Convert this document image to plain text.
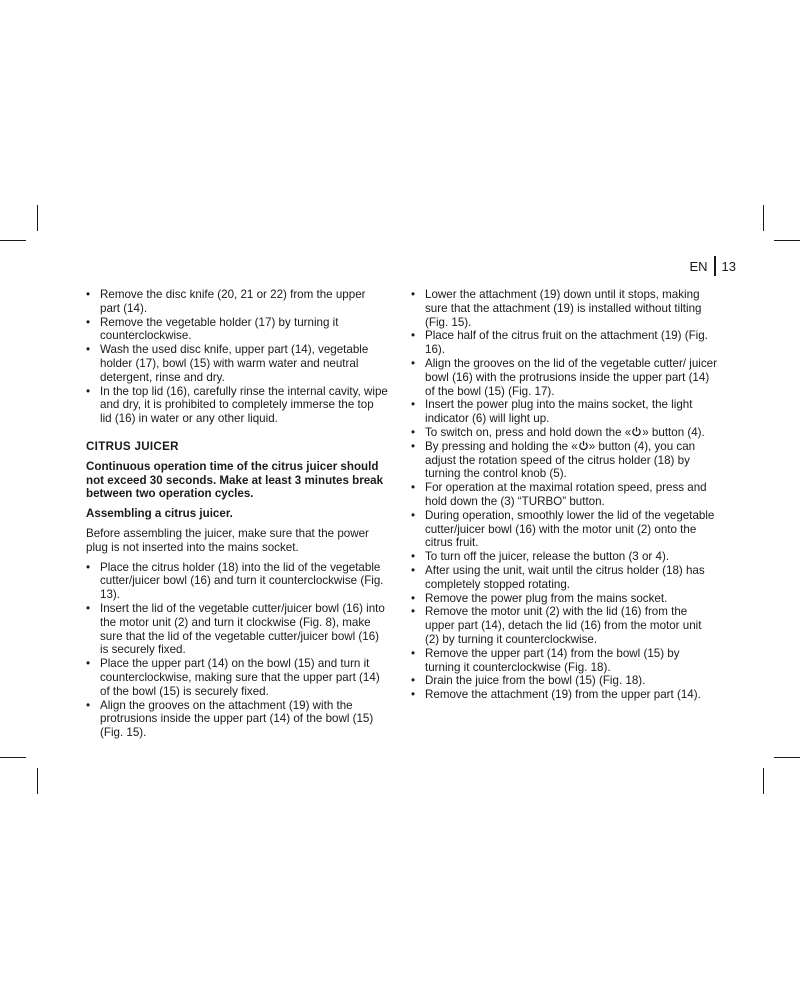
EN 13
• Remove the disc knife (20, 21 or 22) from the upper part (14).
• Remove the vegetable holder (17) by turning it counterclockwise.
• Wash the used disc knife, upper part (14), vegetable holder (17), bowl (15) with warm water and neutral detergent, rinse and dry.
• In the top lid (16), carefully rinse the internal cavity, wipe and dry, it is prohibited to completely immerse the top lid (16) in water or any other liquid.
CITRUS JUICER
Continuous operation time of the citrus juicer should not exceed 30 seconds. Make at least 3 minutes break between two operation cycles.
Assembling a citrus juicer.
Before assembling the juicer, make sure that the power plug is not inserted into the mains socket.
• Place the citrus holder (18) into the lid of the vegetable cutter/juicer bowl (16) and turn it counterclockwise (Fig. 13).
• Insert the lid of the vegetable cutter/juicer bowl (16) into the motor unit (2) and turn it clockwise (Fig. 8), make sure that the lid of the vegetable cutter/juicer bowl (16) is securely fixed.
• Place the upper part (14) on the bowl (15) and turn it counterclockwise, making sure that the upper part (14) of the bowl (15) is securely fixed.
• Align the grooves on the attachment (19) with the protrusions inside the upper part (14) of the bowl (15) (Fig. 15).
• Lower the attachment (19) down until it stops, making sure that the attachment (19) is installed without tilting (Fig. 15).
• Place half of the citrus fruit on the attachment (19) (Fig. 16).
• Align the grooves on the lid of the vegetable cutter/ juicer bowl (16) with the protrusions inside the upper part (14) of the bowl (15) (Fig. 17).
• Insert the power plug into the mains socket, the light indicator (6) will light up.
• To switch on, press and hold down the « » button (4).
• By pressing and holding the « » button (4), you can adjust the rotation speed of the citrus holder (18) by turning the control knob (5).
• For operation at the maximal rotation speed, press and hold down the (3) “TURBO” button.
• During operation, smoothly lower the lid of the vegetable cutter/juicer bowl (16) with the motor unit (2) onto the citrus fruit.
• To turn off the juicer, release the button (3 or 4).
• After using the unit, wait until the citrus holder (18) has completely stopped rotating.
• Remove the power plug from the mains socket.
• Remove the motor unit (2) with the lid (16) from the upper part (14), detach the lid (16) from the motor unit (2) by turning it counterclockwise.
• Remove the upper part (14) from the bowl (15) by turning it counterclockwise (Fig. 18).
• Drain the juice from the bowl (15) (Fig. 18).
• Remove the attachment (19) from the upper part (14).
